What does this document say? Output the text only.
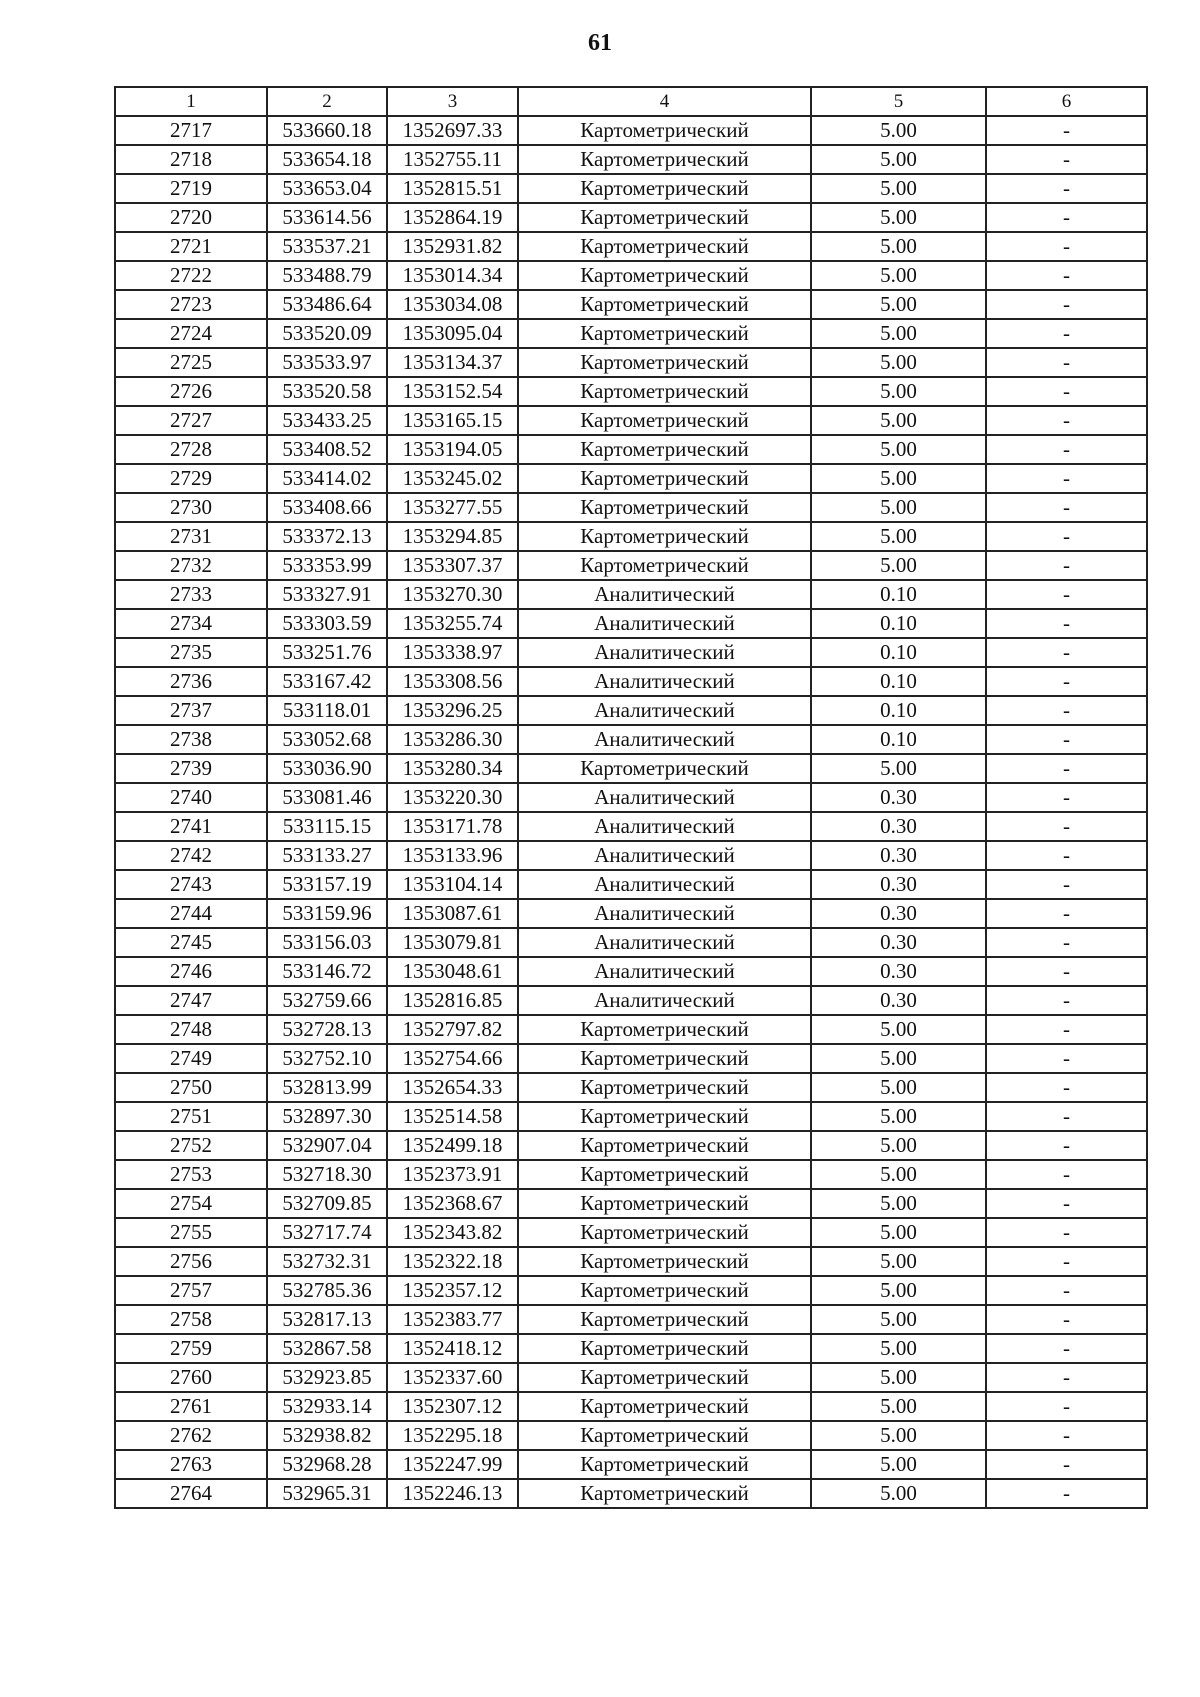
61
1	2	3	4	5	6
2717	533660.18	1352697.33	Картометрический	5.00	-
2718	533654.18	1352755.11	Картометрический	5.00	-
2719	533653.04	1352815.51	Картометрический	5.00	-
2720	533614.56	1352864.19	Картометрический	5.00	-
2721	533537.21	1352931.82	Картометрический	5.00	-
2722	533488.79	1353014.34	Картометрический	5.00	-
2723	533486.64	1353034.08	Картометрический	5.00	-
2724	533520.09	1353095.04	Картометрический	5.00	-
2725	533533.97	1353134.37	Картометрический	5.00	-
2726	533520.58	1353152.54	Картометрический	5.00	-
2727	533433.25	1353165.15	Картометрический	5.00	-
2728	533408.52	1353194.05	Картометрический	5.00	-
2729	533414.02	1353245.02	Картометрический	5.00	-
2730	533408.66	1353277.55	Картометрический	5.00	-
2731	533372.13	1353294.85	Картометрический	5.00	-
2732	533353.99	1353307.37	Картометрический	5.00	-
2733	533327.91	1353270.30	Аналитический	0.10	-
2734	533303.59	1353255.74	Аналитический	0.10	-
2735	533251.76	1353338.97	Аналитический	0.10	-
2736	533167.42	1353308.56	Аналитический	0.10	-
2737	533118.01	1353296.25	Аналитический	0.10	-
2738	533052.68	1353286.30	Аналитический	0.10	-
2739	533036.90	1353280.34	Картометрический	5.00	-
2740	533081.46	1353220.30	Аналитический	0.30	-
2741	533115.15	1353171.78	Аналитический	0.30	-
2742	533133.27	1353133.96	Аналитический	0.30	-
2743	533157.19	1353104.14	Аналитический	0.30	-
2744	533159.96	1353087.61	Аналитический	0.30	-
2745	533156.03	1353079.81	Аналитический	0.30	-
2746	533146.72	1353048.61	Аналитический	0.30	-
2747	532759.66	1352816.85	Аналитический	0.30	-
2748	532728.13	1352797.82	Картометрический	5.00	-
2749	532752.10	1352754.66	Картометрический	5.00	-
2750	532813.99	1352654.33	Картометрический	5.00	-
2751	532897.30	1352514.58	Картометрический	5.00	-
2752	532907.04	1352499.18	Картометрический	5.00	-
2753	532718.30	1352373.91	Картометрический	5.00	-
2754	532709.85	1352368.67	Картометрический	5.00	-
2755	532717.74	1352343.82	Картометрический	5.00	-
2756	532732.31	1352322.18	Картометрический	5.00	-
2757	532785.36	1352357.12	Картометрический	5.00	-
2758	532817.13	1352383.77	Картометрический	5.00	-
2759	532867.58	1352418.12	Картометрический	5.00	-
2760	532923.85	1352337.60	Картометрический	5.00	-
2761	532933.14	1352307.12	Картометрический	5.00	-
2762	532938.82	1352295.18	Картометрический	5.00	-
2763	532968.28	1352247.99	Картометрический	5.00	-
2764	532965.31	1352246.13	Картометрический	5.00	-
